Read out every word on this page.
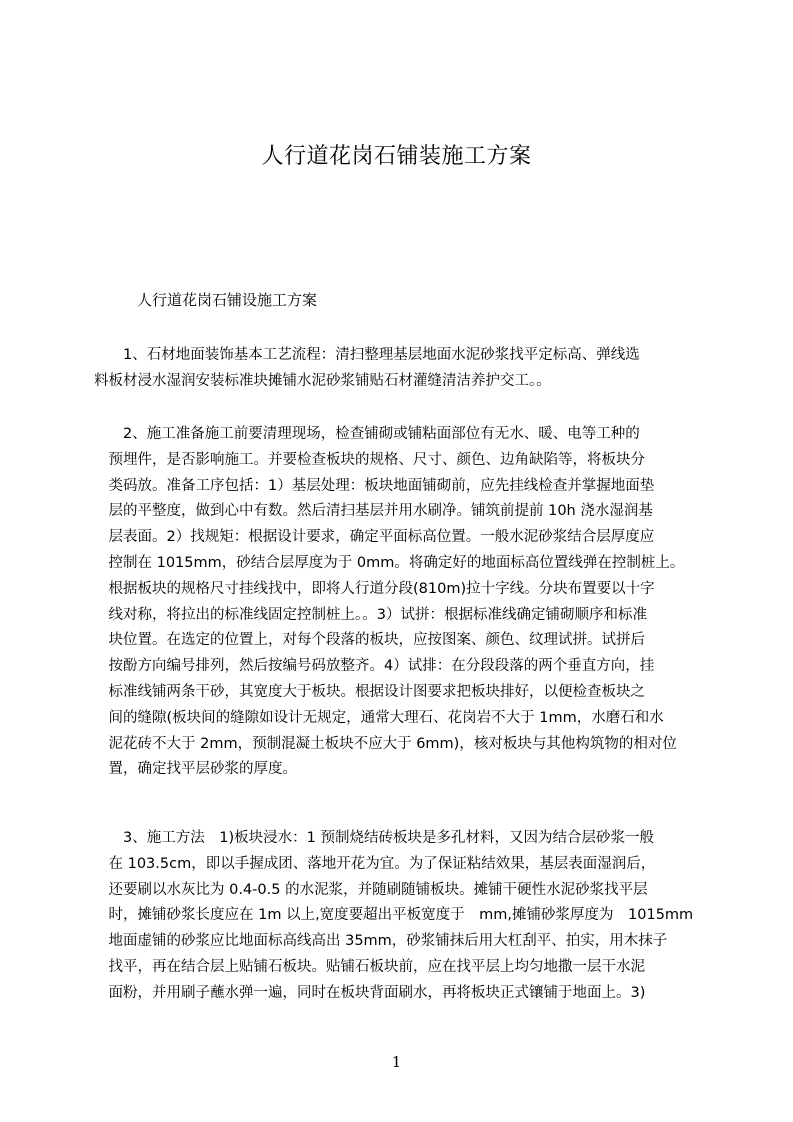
人行道花岗石铺装施工方案
人行道花岗石铺设施工方案
　　1、石材地面装饰基本工艺流程：清扫整理基层地面水泥砂浆找平定标高、弹线选
料板材浸水湿润安装标准块摊铺水泥砂浆铺贴石材灌缝清洁养护交工。。
　　2、施工准备施工前要清理现场，检查铺砌或铺粘面部位有无水、暖、电等工种的
　预埋件，是否影响施工。并要检查板块的规格、尺寸、颜色、边角缺陷等，将板块分
　类码放。准备工序包括：1）基层处理：板块地面铺砌前，应先挂线检查并掌握地面垫
　层的平整度，做到心中有数。然后清扫基层并用水刷净。铺筑前提前 10h 浇水湿润基
　层表面。2）找规矩：根据设计要求，确定平面标高位置。一般水泥砂浆结合层厚度应
　控制在 1015mm，砂结合层厚度为于 0mm。将确定好的地面标高位置线弹在控制桩上。
　根据板块的规格尺寸挂线找中，即将人行道分段(810m)拉十字线。分块布置要以十字
　线对称，将拉出的标准线固定控制桩上。。3）试拼：根据标准线确定铺砌顺序和标准
　块位置。在选定的位置上，对每个段落的板块，应按图案、颜色、纹理试拼。试拼后
　按酚方向编号排列，然后按编号码放整齐。4）试排：在分段段落的两个垂直方向，挂
　标准线铺两条干砂，其宽度大于板块。根据设计图要求把板块排好，以便检查板块之
　间的缝隙(板块间的缝隙如设计无规定，通常大理石、花岗岩不大于 1mm，水磨石和水
　泥花砖不大于 2mm，预制混凝土板块不应大于 6mm)，核对板块与其他构筑物的相对位
　置，确定找平层砂浆的厚度。
　　3、施工方法　1)板块浸水：1 预制烧结砖板块是多孔材料，又因为结合层砂浆一般
　在 103.5cm，即以手握成团、落地开花为宜。为了保证粘结效果，基层表面湿润后，
　还要刷以水灰比为 0.4-0.5 的水泥浆，并随刷随铺板块。摊铺干硬性水泥砂浆找平层
　时，摊铺砂浆长度应在 1m 以上,宽度要超出平板宽度于　mm,摊铺砂浆厚度为　1015mm
　地面虚铺的砂浆应比地面标高线高出 35mm，砂浆铺抹后用大杠刮平、拍实，用木抹子
　找平，再在结合层上贴铺石板块。贴铺石板块前，应在找平层上均匀地撒一层干水泥
　面粉，并用刷子蘸水弹一遍，同时在板块背面刷水，再将板块正式镶铺于地面上。3)
1
